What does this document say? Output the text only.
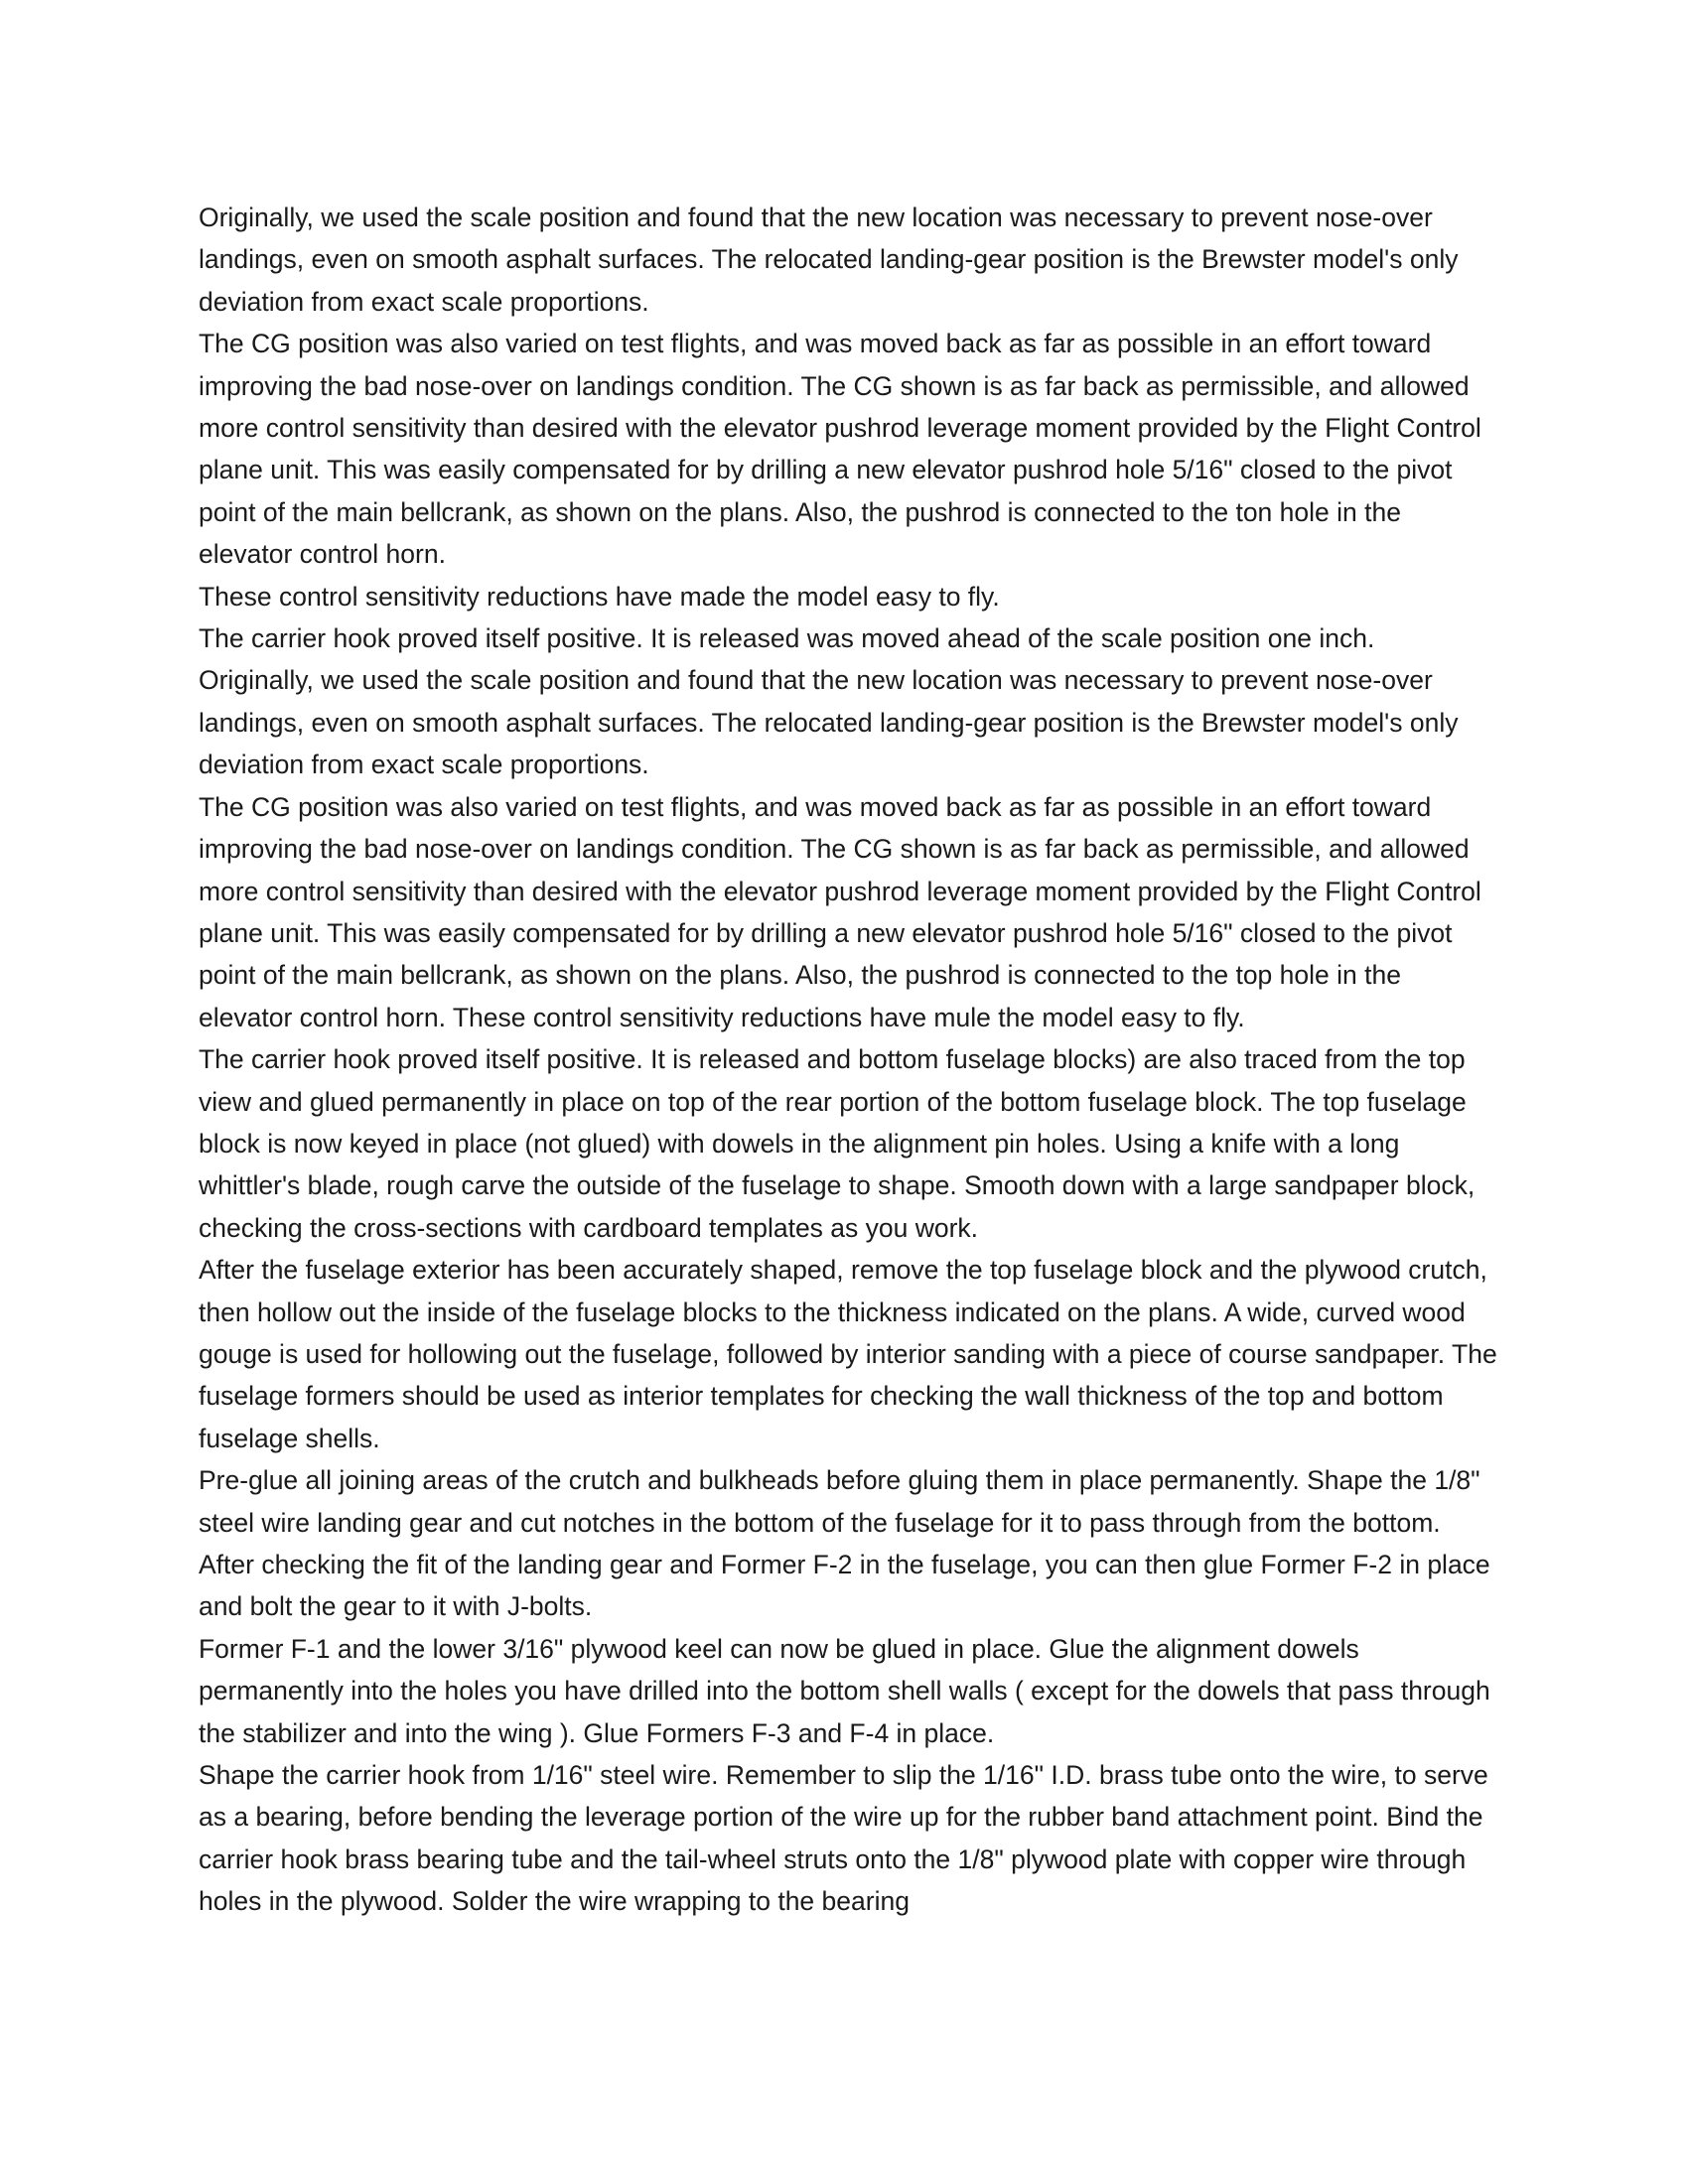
Originally, we used the scale position and found that the new location was necessary to prevent nose-over landings, even on smooth asphalt surfaces. The relocated landing-gear position is the Brewster model's only deviation from exact scale proportions.

The CG position was also varied on test flights, and was moved back as far as possible in an effort toward improving the bad nose-over on landings condition. The CG shown is as far back as permissible, and allowed more control sensitivity than desired with the elevator pushrod leverage moment provided by the Flight Control plane unit. This was easily compensated for by drilling a new elevator pushrod hole 5/16" closed to the pivot point of the main bellcrank, as shown on the plans. Also, the pushrod is connected to the ton hole in the elevator control horn.

These control sensitivity reductions have made the model easy to fly.

The carrier hook proved itself positive. It is released was moved ahead of the scale position one inch.

Originally, we used the scale position and found that the new location was necessary to prevent nose-over landings, even on smooth asphalt surfaces. The relocated landing-gear position is the Brewster model's only deviation from exact scale proportions.

The CG position was also varied on test flights, and was moved back as far as possible in an effort toward improving the bad nose-over on landings condition. The CG shown is as far back as permissible, and allowed more control sensitivity than desired with the elevator pushrod leverage moment provided by the Flight Control plane unit. This was easily compensated for by drilling a new elevator pushrod hole 5/16" closed to the pivot point of the main bellcrank, as shown on the plans. Also, the pushrod is connected to the top hole in the elevator control horn. These control sensitivity reductions have mule the model easy to fly.

The carrier hook proved itself positive. It is released and bottom fuselage blocks) are also traced from the top view and glued permanently in place on top of the rear portion of the bottom fuselage block. The top fuselage block is now keyed in place (not glued) with dowels in the alignment pin holes. Using a knife with a long whittler's blade, rough carve the outside of the fuselage to shape. Smooth down with a large sandpaper block, checking the cross-sections with cardboard templates as you work.

After the fuselage exterior has been accurately shaped, remove the top fuselage block and the plywood crutch, then hollow out the inside of the fuselage blocks to the thickness indicated on the plans. A wide, curved wood gouge is used for hollowing out the fuselage, followed by interior sanding with a piece of course sandpaper. The fuselage formers should be used as interior templates for checking the wall thickness of the top and bottom fuselage shells.

Pre-glue all joining areas of the crutch and bulkheads before gluing them in place permanently. Shape the 1/8" steel wire landing gear and cut notches in the bottom of the fuselage for it to pass through from the bottom. After checking the fit of the landing gear and Former F-2 in the fuselage, you can then glue Former F-2 in place and bolt the gear to it with J-bolts.

Former F-1 and the lower 3/16" plywood keel can now be glued in place. Glue the alignment dowels permanently into the holes you have drilled into the bottom shell walls ( except for the dowels that pass through the stabilizer and into the wing ). Glue Formers F-3 and F-4 in place.

Shape the carrier hook from 1/16" steel wire. Remember to slip the 1/16" I.D. brass tube onto the wire, to serve as a bearing, before bending the leverage portion of the wire up for the rubber band attachment point. Bind the carrier hook brass bearing tube and the tail-wheel struts onto the 1/8" plywood plate with copper wire through holes in the plywood. Solder the wire wrapping to the bearing
